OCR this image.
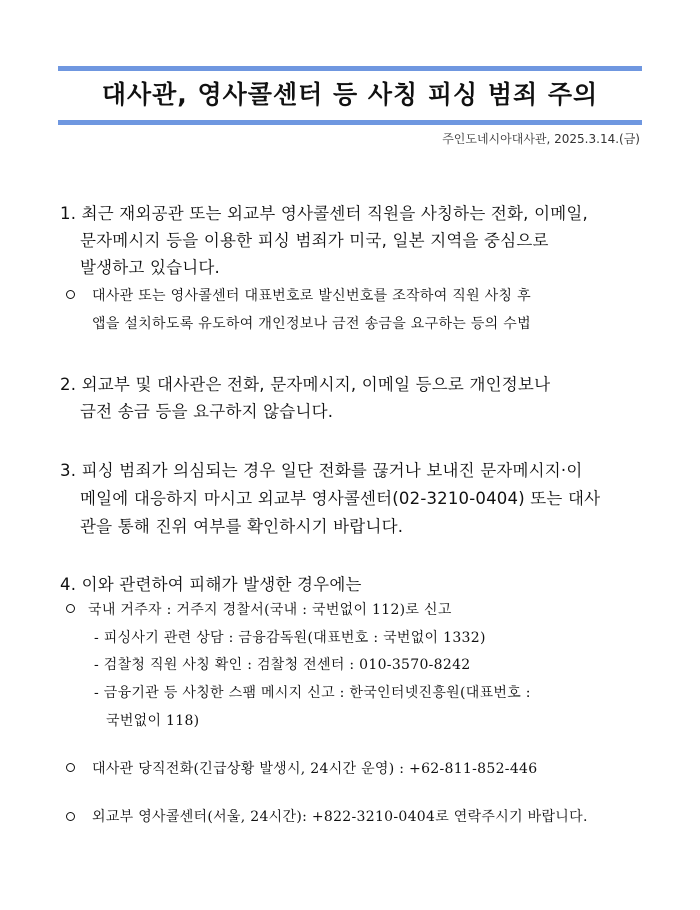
대사관, 영사콜센터 등 사칭 피싱 범죄 주의
주인도네시아대사관, 2025.3.14.(금)
1. 최근 재외공관 또는 외교부 영사콜센터 직원을 사칭하는 전화, 이메일,
문자메시지 등을 이용한 피싱 범죄가 미국, 일본 지역을 중심으로
발생하고 있습니다.
대사관 또는 영사콜센터 대표번호로 발신번호를 조작하여 직원 사칭 후
앱을 설치하도록 유도하여 개인정보나 금전 송금을 요구하는 등의 수법
2. 외교부 및 대사관은 전화, 문자메시지, 이메일 등으로 개인정보나
금전 송금 등을 요구하지 않습니다.
3. 피싱 범죄가 의심되는 경우 일단 전화를 끊거나 보내진 문자메시지·이
메일에 대응하지 마시고 외교부 영사콜센터(02-3210-0404) 또는 대사
관을 통해 진위 여부를 확인하시기 바랍니다.
4. 이와 관련하여 피해가 발생한 경우에는
국내 거주자 : 거주지 경찰서(국내 : 국번없이 112)로 신고
- 피싱사기 관련 상담 : 금융감독원(대표번호 : 국번없이 1332)
- 검찰청 직원 사칭 확인 : 검찰청 전센터 : 010-3570-8242
- 금융기관 등 사칭한 스팸 메시지 신고 : 한국인터넷진흥원(대표번호 :
국번없이 118)
대사관 당직전화(긴급상황 발생시, 24시간 운영) : +62-811-852-446
외교부 영사콜센터(서울, 24시간): +822-3210-0404로 연락주시기 바랍니다.
